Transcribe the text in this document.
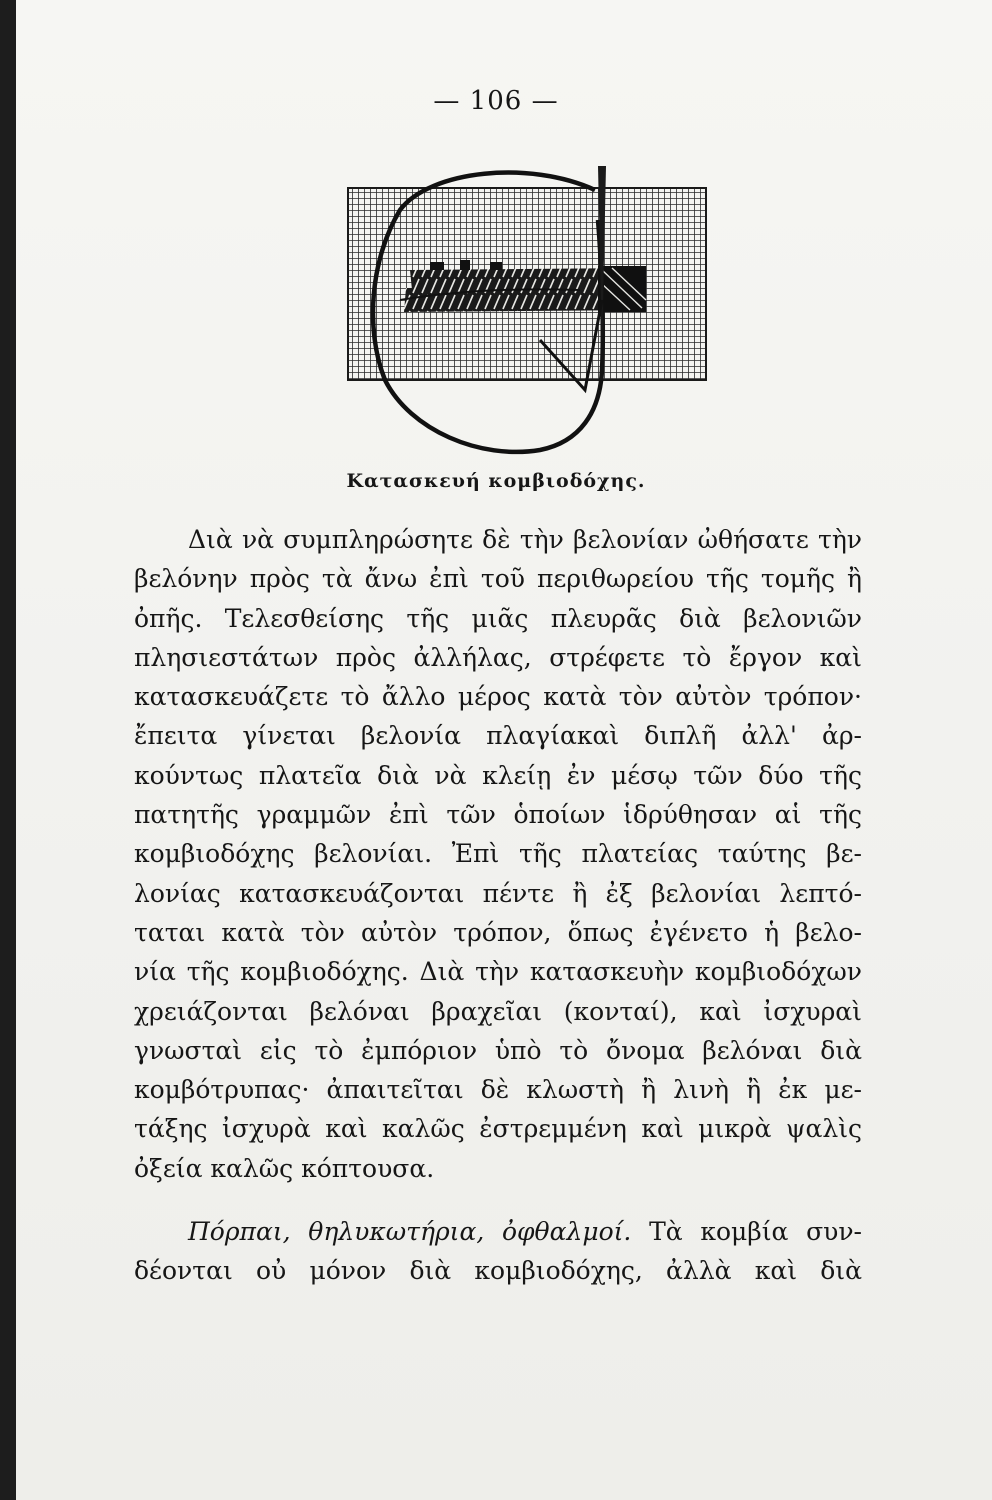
— 106 —
Κατασκευή κομβιοδόχης.
Διὰ νὰ συμπληρώσητε δὲ τὴν βελονίαν ὠθήσατε τὴν
βελόνην πρὸς τὰ ἄνω ἐπὶ τοῦ περιθωρείου τῆς τομῆς ἢ
ὀπῆς. Τελεσθείσης τῆς μιᾶς πλευρᾶς διὰ βελονιῶν
πλησιεστάτων πρὸς ἀλλήλας, στρέφετε τὸ ἔργον καὶ
κατασκευάζετε τὸ ἄλλο μέρος κατὰ τὸν αὐτὸν τρόπον·
ἔπειτα γίνεται βελονία πλαγίακαὶ διπλῆ ἀλλ' ἀρ-
κούντως πλατεῖα διὰ νὰ κλείῃ ἐν μέσῳ τῶν δύο τῆς
πατητῆς γραμμῶν ἐπὶ τῶν ὁποίων ἱδρύθησαν αἱ τῆς
κομβιοδόχης βελονίαι. Ἐπὶ τῆς πλατείας ταύτης βε-
λονίας κατασκευάζονται πέντε ἢ ἐξ βελονίαι λεπτό-
ταται κατὰ τὸν αὐτὸν τρόπον, ὅπως ἐγένετο ἡ βελο-
νία τῆς κομβιοδόχης. Διὰ τὴν κατασκευὴν κομβιοδόχων
χρειάζονται βελόναι βραχεῖαι (κονταί), καὶ ἰσχυραὶ
γνωσταὶ εἰς τὸ ἐμπόριον ὑπὸ τὸ ὄνομα βελόναι διὰ
κομβότρυπας· ἀπαιτεῖται δὲ κλωστὴ ἢ λινὴ ἢ ἐκ με-
τάξης ἰσχυρὰ καὶ καλῶς ἐστρεμμένη καὶ μικρὰ ψαλὶς
ὀξεία καλῶς κόπτουσα.
Πόρπαι, θηλυκωτήρια, ὀφθαλμοί. Τὰ κομβία συν-
δέονται οὐ μόνον διὰ κομβιοδόχης, ἀλλὰ καὶ διὰ
